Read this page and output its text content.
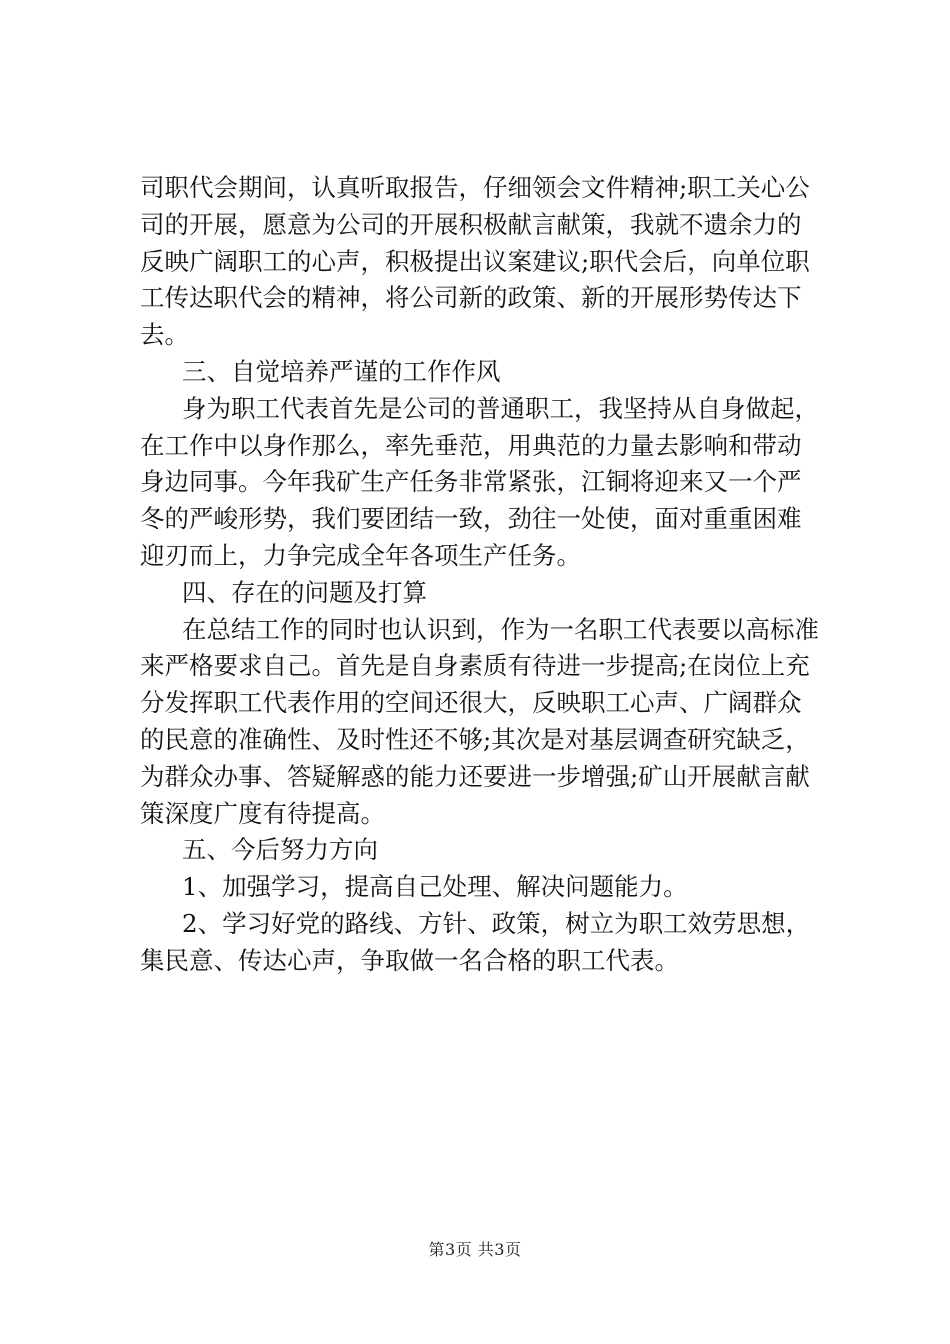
司职代会期间，认真听取报告，仔细领会文件精神;职工关心公
司的开展，愿意为公司的开展积极献言献策，我就不遗余力的
反映广阔职工的心声，积极提出议案建议;职代会后，向单位职
工传达职代会的精神，将公司新的政策、新的开展形势传达下
去。
三、自觉培养严谨的工作作风
身为职工代表首先是公司的普通职工，我坚持从自身做起，
在工作中以身作那么，率先垂范，用典范的力量去影响和带动
身边同事。今年我矿生产任务非常紧张，江铜将迎来又一个严
冬的严峻形势，我们要团结一致，劲往一处使，面对重重困难
迎刃而上，力争完成全年各项生产任务。
四、存在的问题及打算
在总结工作的同时也认识到，作为一名职工代表要以高标准
来严格要求自己。首先是自身素质有待进一步提高;在岗位上充
分发挥职工代表作用的空间还很大，反映职工心声、广阔群众
的民意的准确性、及时性还不够;其次是对基层调查研究缺乏，
为群众办事、答疑解惑的能力还要进一步增强;矿山开展献言献
策深度广度有待提高。
五、今后努力方向
1、加强学习，提高自己处理、解决问题能力。
2、学习好党的路线、方针、政策，树立为职工效劳思想，
集民意、传达心声，争取做一名合格的职工代表。
第3页 共3页
